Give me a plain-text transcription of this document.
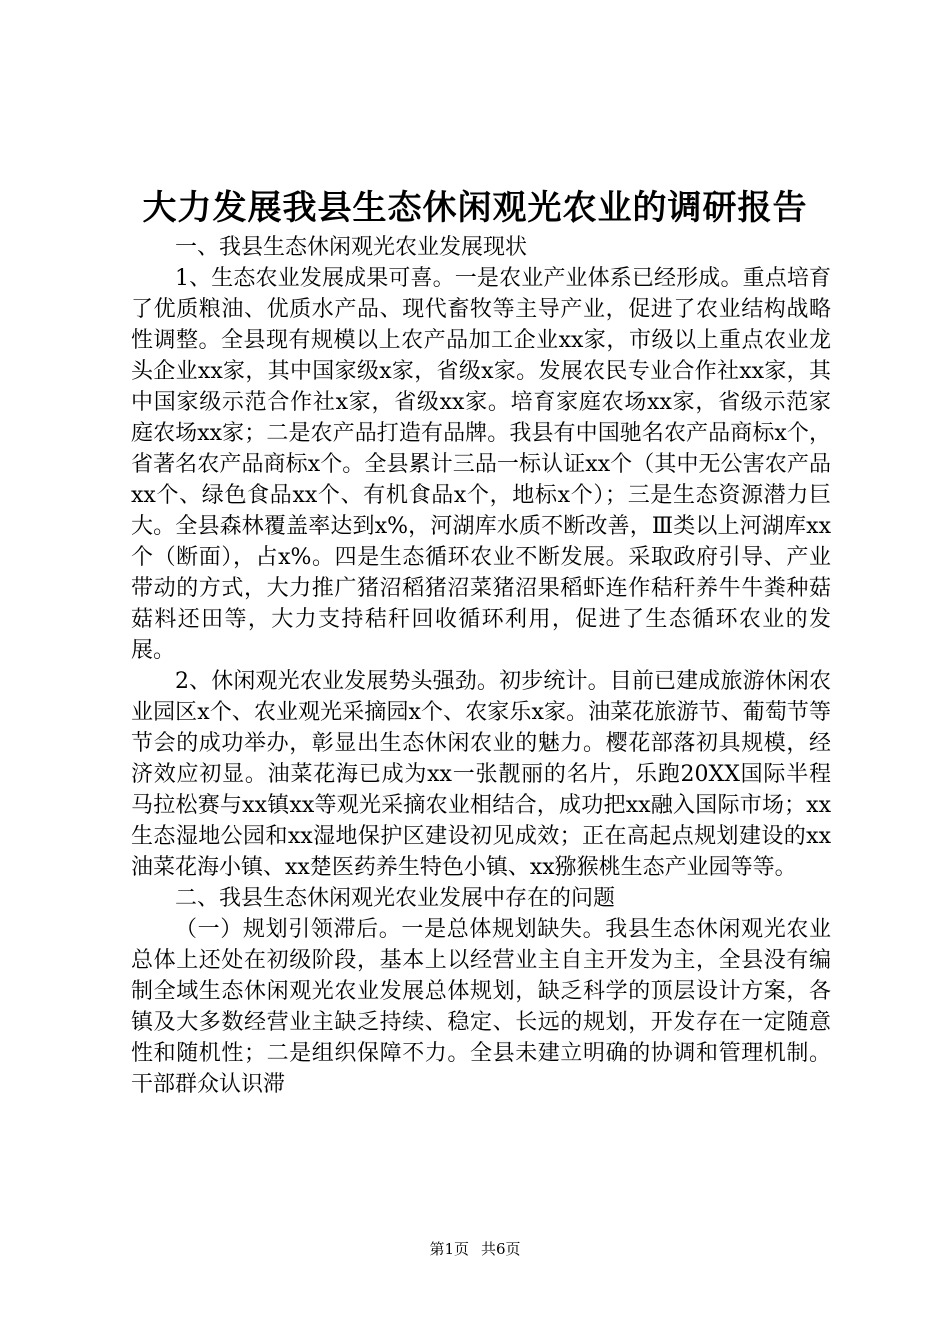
大力发展我县生态休闲观光农业的调研报告

一、我县生态休闲观光农业发展现状

1、生态农业发展成果可喜。一是农业产业体系已经形成。重点培育了优质粮油、优质水产品、现代畜牧等主导产业，促进了农业结构战略性调整。全县现有规模以上农产品加工企业xx家，市级以上重点农业龙头企业xx家，其中国家级x家，省级x家。发展农民专业合作社xx家，其中国家级示范合作社x家，省级xx家。培育家庭农场xx家，省级示范家庭农场xx家；二是农产品打造有品牌。我县有中国驰名农产品商标x个，省著名农产品商标x个。全县累计三品一标认证xx个（其中无公害农产品xx个、绿色食品xx个、有机食品x个，地标x个）；三是生态资源潜力巨大。全县森林覆盖率达到x%，河湖库水质不断改善，Ⅲ类以上河湖库xx个（断面），占x%。四是生态循环农业不断发展。采取政府引导、产业带动的方式，大力推广猪沼稻猪沼菜猪沼果稻虾连作秸秆养牛牛粪种菇菇料还田等，大力支持秸秆回收循环利用，促进了生态循环农业的发展。

2、休闲观光农业发展势头强劲。初步统计。目前已建成旅游休闲农业园区x个、农业观光采摘园x个、农家乐x家。油菜花旅游节、葡萄节等节会的成功举办，彰显出生态休闲农业的魅力。樱花部落初具规模，经济效应初显。油菜花海已成为xx一张靓丽的名片，乐跑20XX国际半程马拉松赛与xx镇xx等观光采摘农业相结合，成功把xx融入国际市场；xx生态湿地公园和xx湿地保护区建设初见成效；正在高起点规划建设的xx油菜花海小镇、xx楚医药养生特色小镇、xx猕猴桃生态产业园等等。

二、我县生态休闲观光农业发展中存在的问题

（一）规划引领滞后。一是总体规划缺失。我县生态休闲观光农业总体上还处在初级阶段，基本上以经营业主自主开发为主，全县没有编制全域生态休闲观光农业发展总体规划，缺乏科学的顶层设计方案，各镇及大多数经营业主缺乏持续、稳定、长远的规划，开发存在一定随意性和随机性；二是组织保障不力。全县未建立明确的协调和管理机制。干部群众认识滞

第1页 共6页
